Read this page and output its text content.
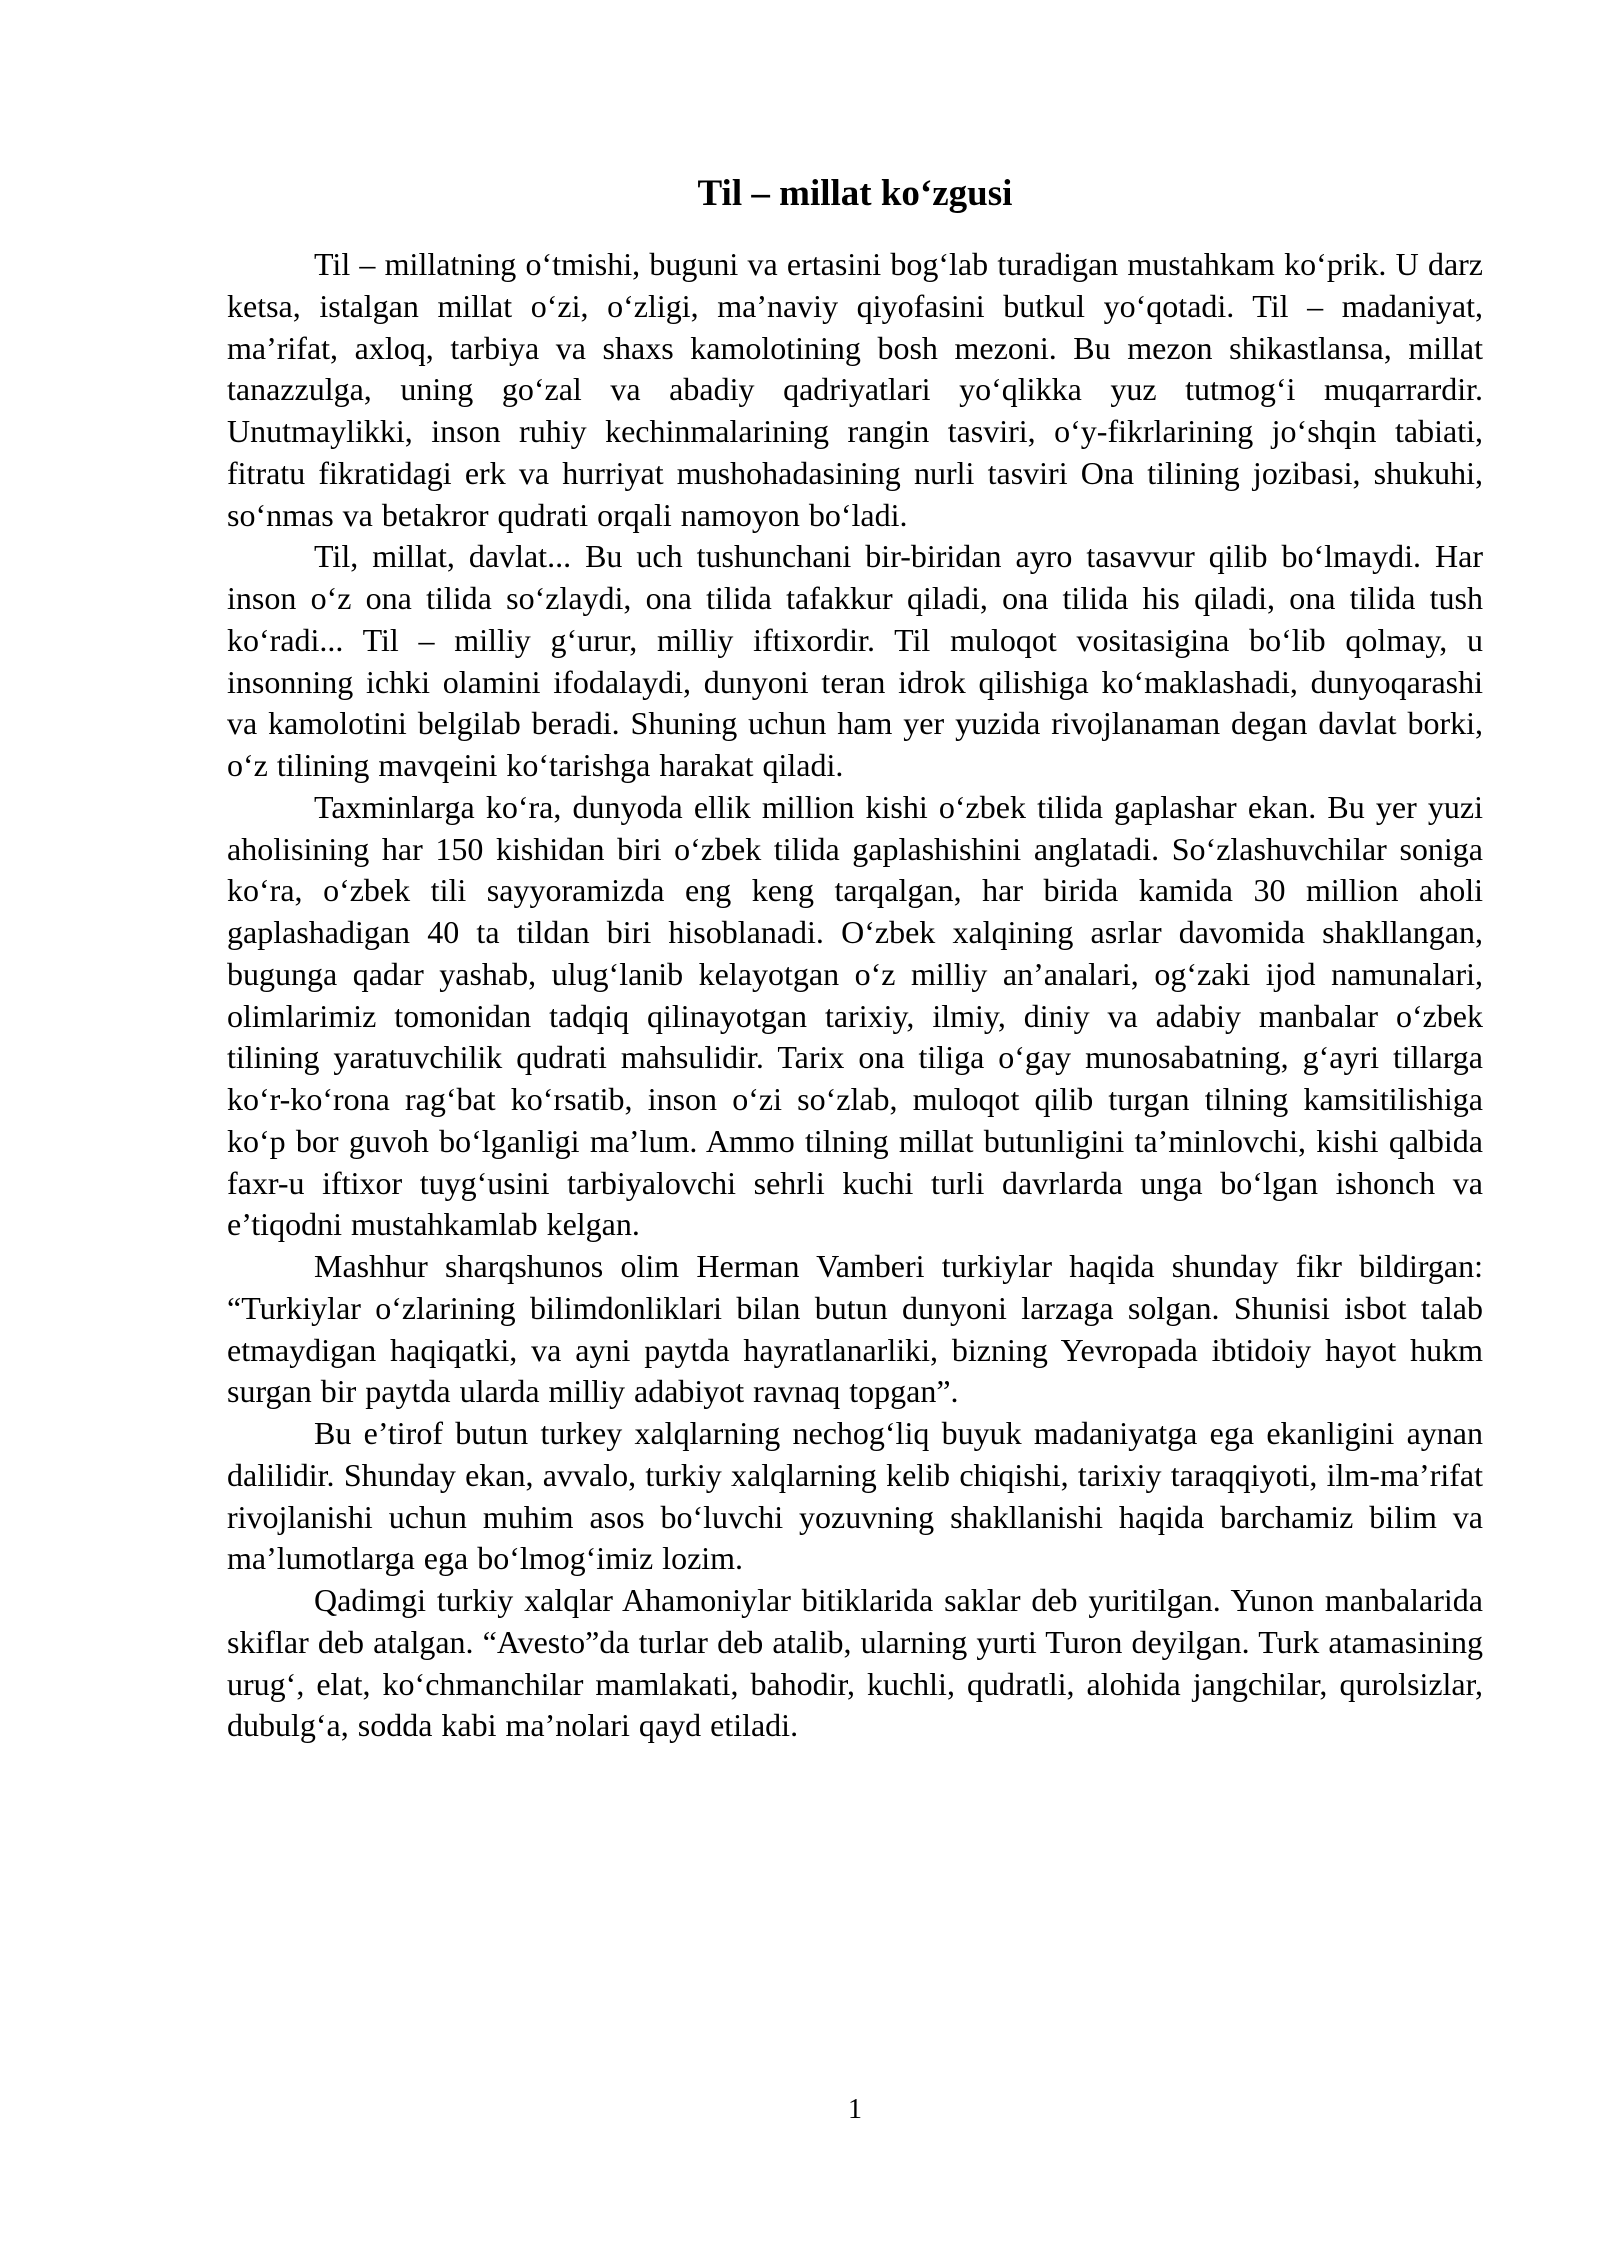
Til – millat ko‘zgusi

Til – millatning o‘tmishi, buguni va ertasini bog‘lab turadigan mustahkam ko‘prik. U darz ketsa, istalgan millat o‘zi, o‘zligi, ma’naviy qiyofasini butkul yo‘qotadi. Til – madaniyat, ma’rifat, axloq, tarbiya va shaxs kamolotining bosh mezoni. Bu mezon shikastlansa, millat tanazzulga, uning go‘zal va abadiy qadriyatlari yo‘qlikka yuz tutmog‘i muqarrardir. Unutmaylikki, inson ruhiy kechinmalarining rangin tasviri, o‘y-fikrlarining jo‘shqin tabiati, fitratu fikratidagi erk va hurriyat mushohadasining nurli tasviri Ona tilining jozibasi, shukuhi, so‘nmas va betakror qudrati orqali namoyon bo‘ladi.

Til, millat, davlat... Bu uch tushunchani bir-biridan ayro tasavvur qilib bo‘lmaydi. Har inson o‘z ona tilida so‘zlaydi, ona tilida tafakkur qiladi, ona tilida his qiladi, ona tilida tush ko‘radi... Til – milliy g‘urur, milliy iftixordir. Til muloqot vositasigina bo‘lib qolmay, u insonning ichki olamini ifodalaydi, dunyoni teran idrok qilishiga ko‘maklashadi, dunyoqarashi va kamolotini belgilab beradi. Shuning uchun ham yer yuzida rivojlanaman degan davlat borki, o‘z tilining mavqeini ko‘tarishga harakat qiladi.

Taxminlarga ko‘ra, dunyoda ellik million kishi o‘zbek tilida gaplashar ekan. Bu yer yuzi aholisining har 150 kishidan biri o‘zbek tilida gaplashishini anglatadi. So‘zlashuvchilar soniga ko‘ra, o‘zbek tili sayyoramizda eng keng tarqalgan, har birida kamida 30 million aholi gaplashadigan 40 ta tildan biri hisoblanadi. O‘zbek xalqining asrlar davomida shakllangan, bugunga qadar yashab, ulug‘lanib kelayotgan o‘z milliy an’analari, og‘zaki ijod namunalari, olimlarimiz tomonidan tadqiq qilinayotgan tarixiy, ilmiy, diniy va adabiy manbalar o‘zbek tilining yaratuvchilik qudrati mahsulidir. Tarix ona tiliga o‘gay munosabatning, g‘ayri tillarga ko‘r-ko‘rona rag‘bat ko‘rsatib, inson o‘zi so‘zlab, muloqot qilib turgan tilning kamsitilishiga ko‘p bor guvoh bo‘lganligi ma’lum. Ammo tilning millat butunligini ta’minlovchi, kishi qalbida faxr-u iftixor tuyg‘usini tarbiyalovchi sehrli kuchi turli davrlarda unga bo‘lgan ishonch va e’tiqodni mustahkamlab kelgan.

Mashhur sharqshunos olim Herman Vamberi turkiylar haqida shunday fikr bildirgan: “Turkiylar o‘zlarining bilimdonliklari bilan butun dunyoni larzaga solgan. Shunisi isbot talab etmaydigan haqiqatki, va ayni paytda hayratlanarliki, bizning Yevropada ibtidoiy hayot hukm surgan bir paytda ularda milliy adabiyot ravnaq topgan”.

Bu e’tirof butun turkey xalqlarning nechog‘liq buyuk madaniyatga ega ekanligini aynan dalilidir. Shunday ekan, avvalo, turkiy xalqlarning kelib chiqishi, tarixiy taraqqiyoti, ilm-ma’rifat rivojlanishi uchun muhim asos bo‘luvchi yozuvning shakllanishi haqida barchamiz bilim va ma’lumotlarga ega bo‘lmog‘imiz lozim.

Qadimgi turkiy xalqlar Ahamoniylar bitiklarida saklar deb yuritilgan. Yunon manbalarida skiflar deb atalgan. “Avesto”da turlar deb atalib, ularning yurti Turon deyilgan. Turk atamasining urug‘, elat, ko‘chmanchilar mamlakati, bahodir, kuchli, qudratli, alohida jangchilar, qurolsizlar, dubulg‘a, sodda kabi ma’nolari qayd etiladi.

1
